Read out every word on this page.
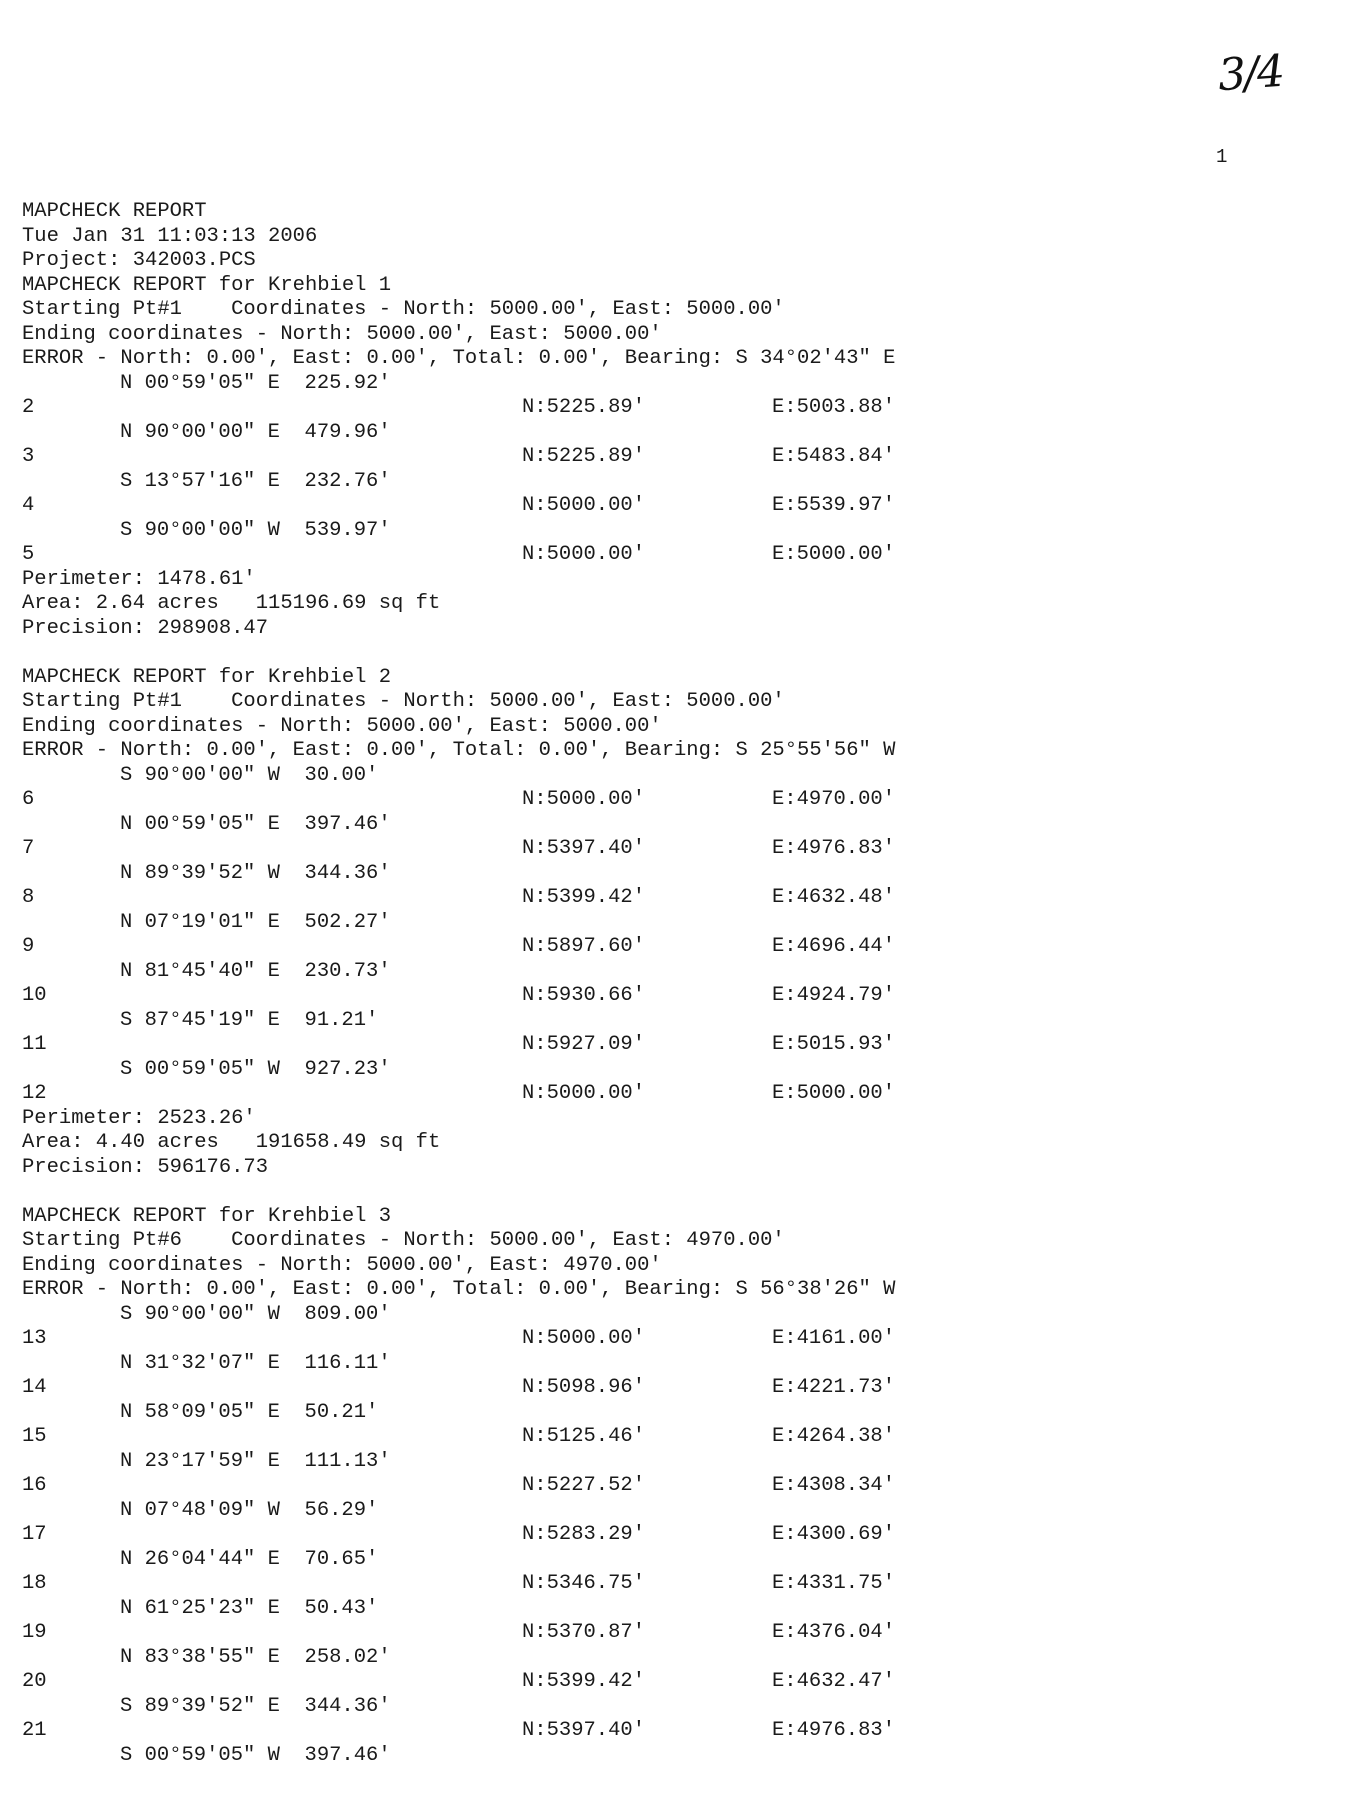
3/4
1
MAPCHECK REPORT
Tue Jan 31 11:03:13 2006
Project: 342003.PCS
MAPCHECK REPORT for Krehbiel 1
Starting Pt#1    Coordinates - North: 5000.00', East: 5000.00'
Ending coordinates - North: 5000.00', East: 5000.00'
ERROR - North: 0.00', East: 0.00', Total: 0.00', Bearing: S 34°02'43" E
N 00°59'05" E  225.92'
2	N:5225.89'	E:5003.88'
N 90°00'00" E  479.96'
3	N:5225.89'	E:5483.84'
S 13°57'16" E  232.76'
4	N:5000.00'	E:5539.97'
S 90°00'00" W  539.97'
5	N:5000.00'	E:5000.00'
Perimeter: 1478.61'
Area: 2.64 acres   115196.69 sq ft
Precision: 298908.47
MAPCHECK REPORT for Krehbiel 2
Starting Pt#1    Coordinates - North: 5000.00', East: 5000.00'
Ending coordinates - North: 5000.00', East: 5000.00'
ERROR - North: 0.00', East: 0.00', Total: 0.00', Bearing: S 25°55'56" W
S 90°00'00" W  30.00'
6	N:5000.00'	E:4970.00'
N 00°59'05" E  397.46'
7	N:5397.40'	E:4976.83'
N 89°39'52" W  344.36'
8	N:5399.42'	E:4632.48'
N 07°19'01" E  502.27'
9	N:5897.60'	E:4696.44'
N 81°45'40" E  230.73'
10	N:5930.66'	E:4924.79'
S 87°45'19" E  91.21'
11	N:5927.09'	E:5015.93'
S 00°59'05" W  927.23'
12	N:5000.00'	E:5000.00'
Perimeter: 2523.26'
Area: 4.40 acres   191658.49 sq ft
Precision: 596176.73
MAPCHECK REPORT for Krehbiel 3
Starting Pt#6    Coordinates - North: 5000.00', East: 4970.00'
Ending coordinates - North: 5000.00', East: 4970.00'
ERROR - North: 0.00', East: 0.00', Total: 0.00', Bearing: S 56°38'26" W
S 90°00'00" W  809.00'
13	N:5000.00'	E:4161.00'
N 31°32'07" E  116.11'
14	N:5098.96'	E:4221.73'
N 58°09'05" E  50.21'
15	N:5125.46'	E:4264.38'
N 23°17'59" E  111.13'
16	N:5227.52'	E:4308.34'
N 07°48'09" W  56.29'
17	N:5283.29'	E:4300.69'
N 26°04'44" E  70.65'
18	N:5346.75'	E:4331.75'
N 61°25'23" E  50.43'
19	N:5370.87'	E:4376.04'
N 83°38'55" E  258.02'
20	N:5399.42'	E:4632.47'
S 89°39'52" E  344.36'
21	N:5397.40'	E:4976.83'
S 00°59'05" W  397.46'
